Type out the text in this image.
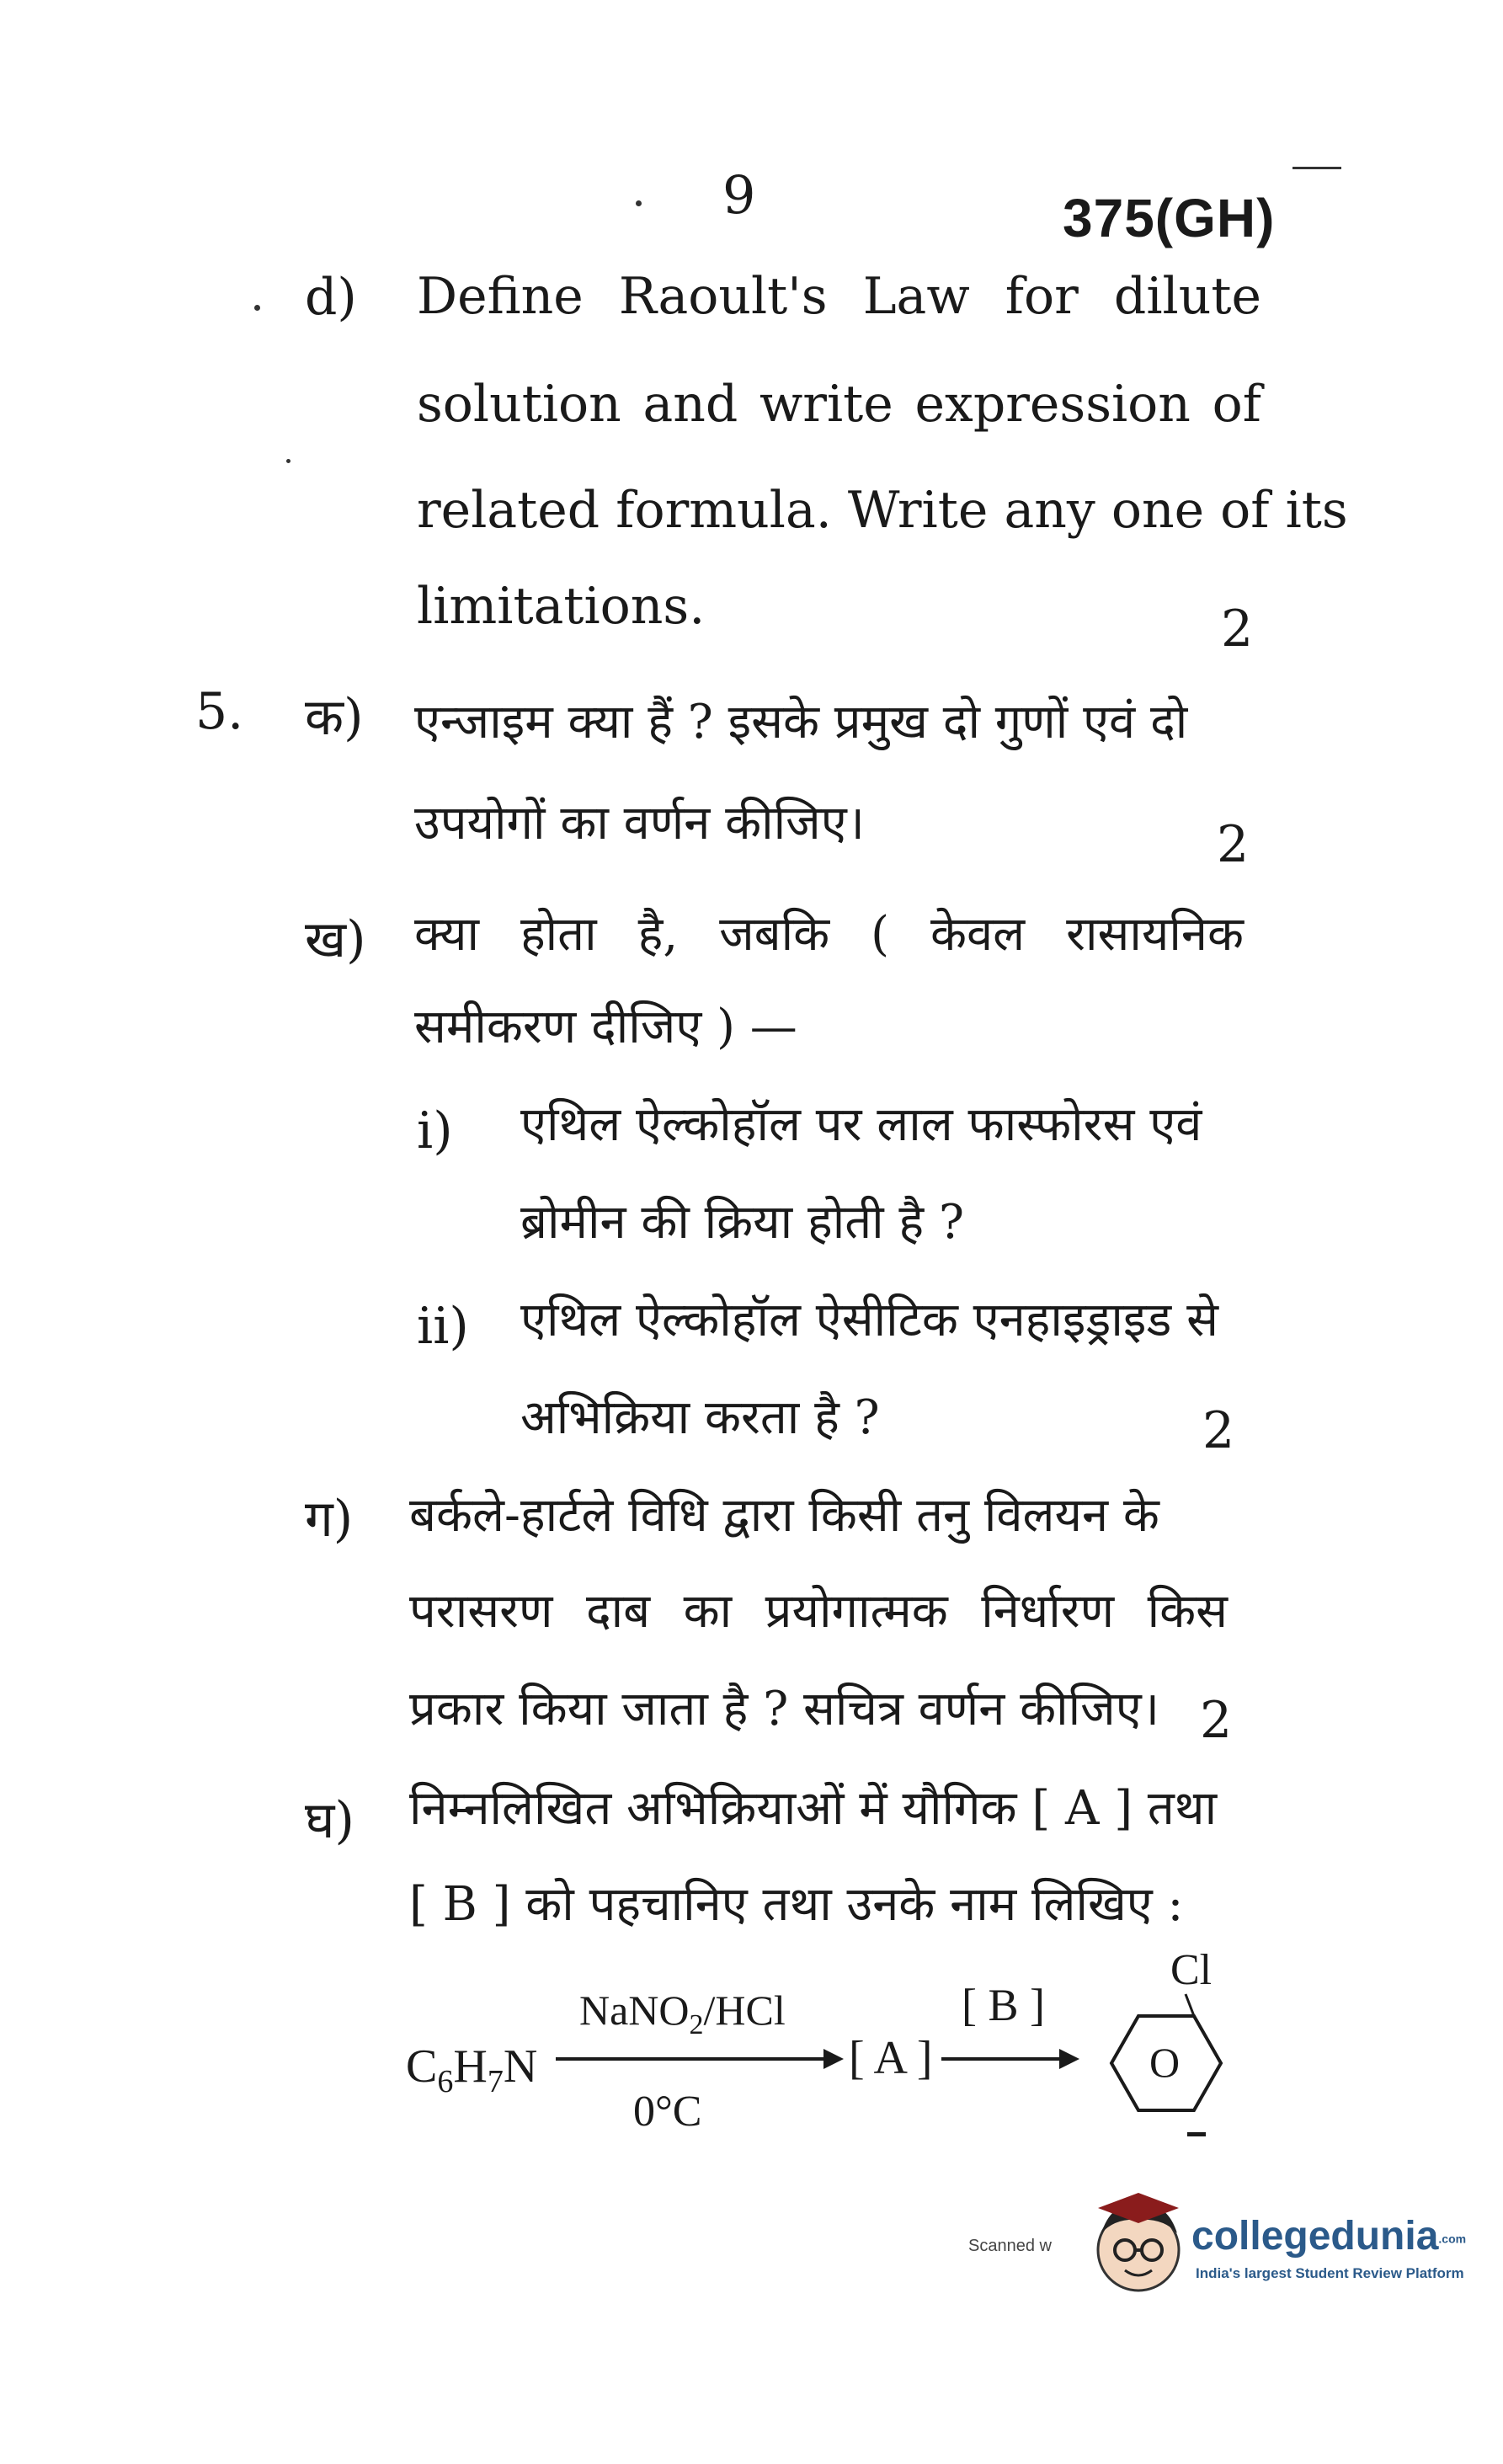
9	375(GH)
d) Define Raoult's Law for dilute
solution and write expression of
related formula. Write any one of its
limitations.	2
5. क) एन्जाइम क्या हैं ? इसके प्रमुख दो गुणों एवं दो
उपयोगों का वर्णन कीजिए।	2
ख) क्या होता है, जबकि ( केवल रासायनिक
समीकरण दीजिए ) —
i) एथिल ऐल्कोहॉल पर लाल फास्फोरस एवं
ब्रोमीन की क्रिया होती है ?
ii) एथिल ऐल्कोहॉल ऐसीटिक एनहाइड्राइड से
अभिक्रिया करता है ?	2
ग) बर्कले-हार्टले विधि द्वारा किसी तनु विलयन के
परासरण दाब का प्रयोगात्मक निर्धारण किस
प्रकार किया जाता है ? सचित्र वर्णन कीजिए। 2
घ) निम्नलिखित अभिक्रियाओं में यौगिक [ A ] तथा
[ B ] को पहचानिए तथा उनके नाम लिखिए :
$C_6H_7N$
NaNO$_2$/HCl
0°C
[ A ]
[ B ]
Cl
O
Scanned w	collegedunia.com
India's largest Student Review Platform
